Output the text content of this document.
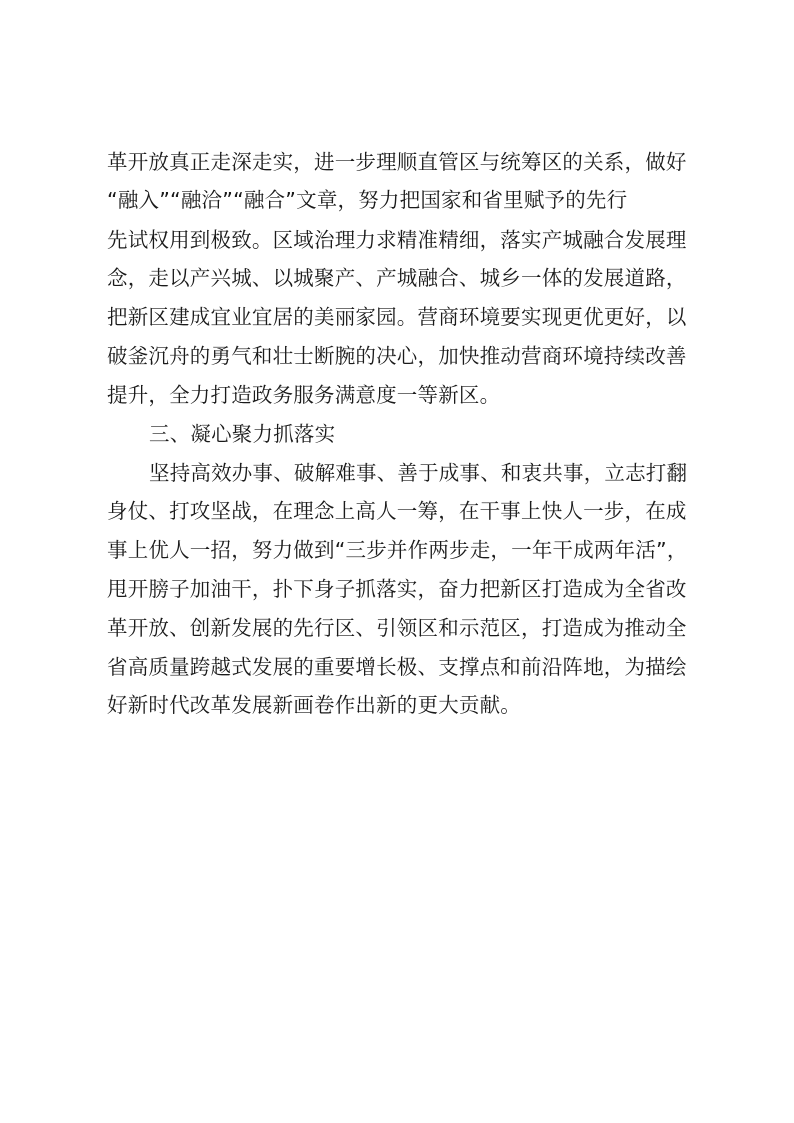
革开放真正走深走实，进一步理顺直管区与统筹区的关系，做好
“融入”“融洽”“融合”文章，努力把国家和省里赋予的先行
先试权用到极致。区域治理力求精准精细，落实产城融合发展理
念，走以产兴城、以城聚产、产城融合、城乡一体的发展道路，
把新区建成宜业宜居的美丽家园。营商环境要实现更优更好，以
破釜沉舟的勇气和壮士断腕的决心，加快推动营商环境持续改善
提升，全力打造政务服务满意度一等新区。
三、凝心聚力抓落实
坚持高效办事、破解难事、善于成事、和衷共事，立志打翻
身仗、打攻坚战，在理念上高人一筹，在干事上快人一步，在成
事上优人一招，努力做到“三步并作两步走，一年干成两年活”，
甩开膀子加油干，扑下身子抓落实，奋力把新区打造成为全省改
革开放、创新发展的先行区、引领区和示范区，打造成为推动全
省高质量跨越式发展的重要增长极、支撑点和前沿阵地，为描绘
好新时代改革发展新画卷作出新的更大贡献。
